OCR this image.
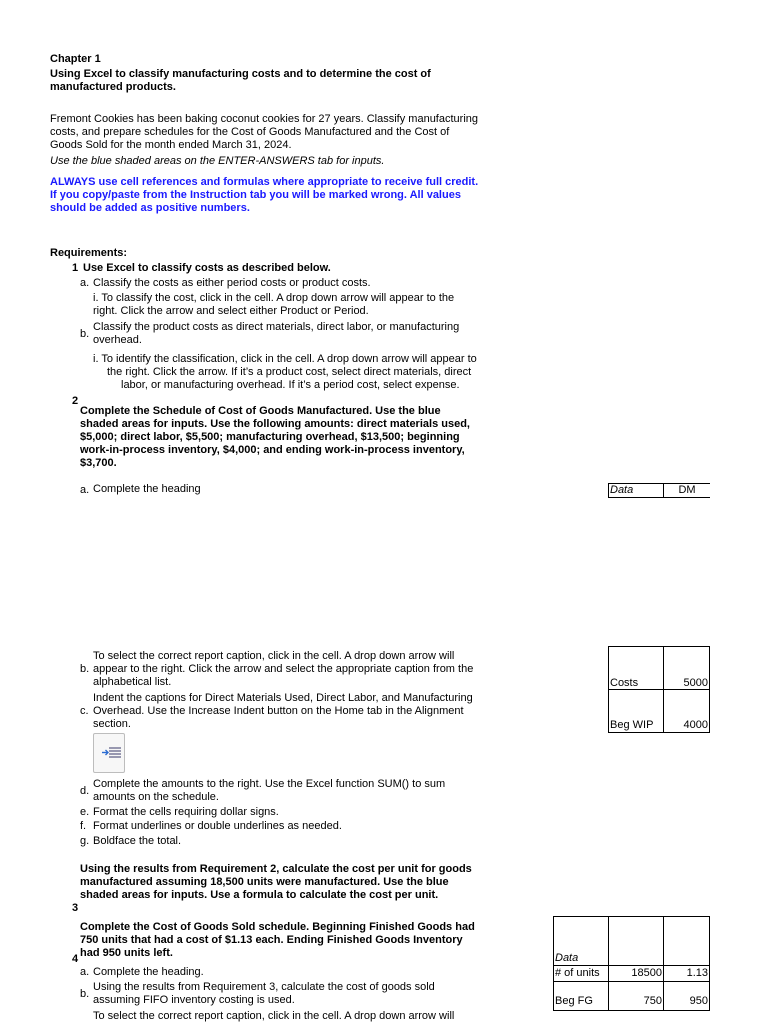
Chapter 1
Using Excel to classify manufacturing costs and to determine the cost of
manufactured products.
Fremont Cookies has been baking coconut cookies for 27 years. Classify manufacturing
costs, and prepare schedules for the Cost of Goods Manufactured and the Cost of
Goods Sold for the month ended March 31, 2024.
Use the blue shaded areas on the ENTER-ANSWERS tab for inputs.
ALWAYS use cell references and formulas where appropriate to receive full credit.
If you copy/paste from the Instruction tab you will be marked wrong. All values
should be added as positive numbers.
Requirements:
1 Use Excel to classify costs as described below.
a. Classify the costs as either period costs or product costs.
i. To classify the cost, click in the cell. A drop down arrow will appear to the
right. Click the arrow and select either Product or Period.
b.
Classify the product costs as direct materials, direct labor, or manufacturing
overhead.
i. To identify the classification, click in the cell. A drop down arrow will appear to
the right. Click the arrow. If it’s a product cost, select direct materials, direct
labor, or manufacturing overhead. If it’s a period cost, select expense.
2
Complete the Schedule of Cost of Goods Manufactured. Use the blue
shaded areas for inputs. Use the following amounts: direct materials used,
$5,000; direct labor, $5,500; manufacturing overhead, $13,500; beginning
work-in-process inventory, $4,000; and ending work-in-process inventory,
$3,700.
a. Complete the heading
To select the correct report caption, click in the cell. A drop down arrow will
b. appear to the right. Click the arrow and select the appropriate caption from the
alphabetical list.
Indent the captions for Direct Materials Used, Direct Labor, and Manufacturing
c. Overhead. Use the Increase Indent button on the Home tab in the Alignment
section.
Complete the amounts to the right. Use the Excel function SUM() to sum
d. amounts on the schedule.
e. Format the cells requiring dollar signs.
f. Format underlines or double underlines as needed.
g. Boldface the total.
Using the results from Requirement 2, calculate the cost per unit for goods
manufactured assuming 18,500 units were manufactured. Use the blue
shaded areas for inputs. Use a formula to calculate the cost per unit.
3
Complete the Cost of Goods Sold schedule. Beginning Finished Goods had
750 units that had a cost of $1.13 each. Ending Finished Goods Inventory
had 950 units left.
4
a. Complete the heading.
Using the results from Requirement 3, calculate the cost of goods sold
b. assuming FIFO inventory costing is used.
To select the correct report caption, click in the cell. A drop down arrow will
Data	DM
Costs	5000
Beg WIP	4000
Data
# of units	18500 1.13
Beg FG	750	950
